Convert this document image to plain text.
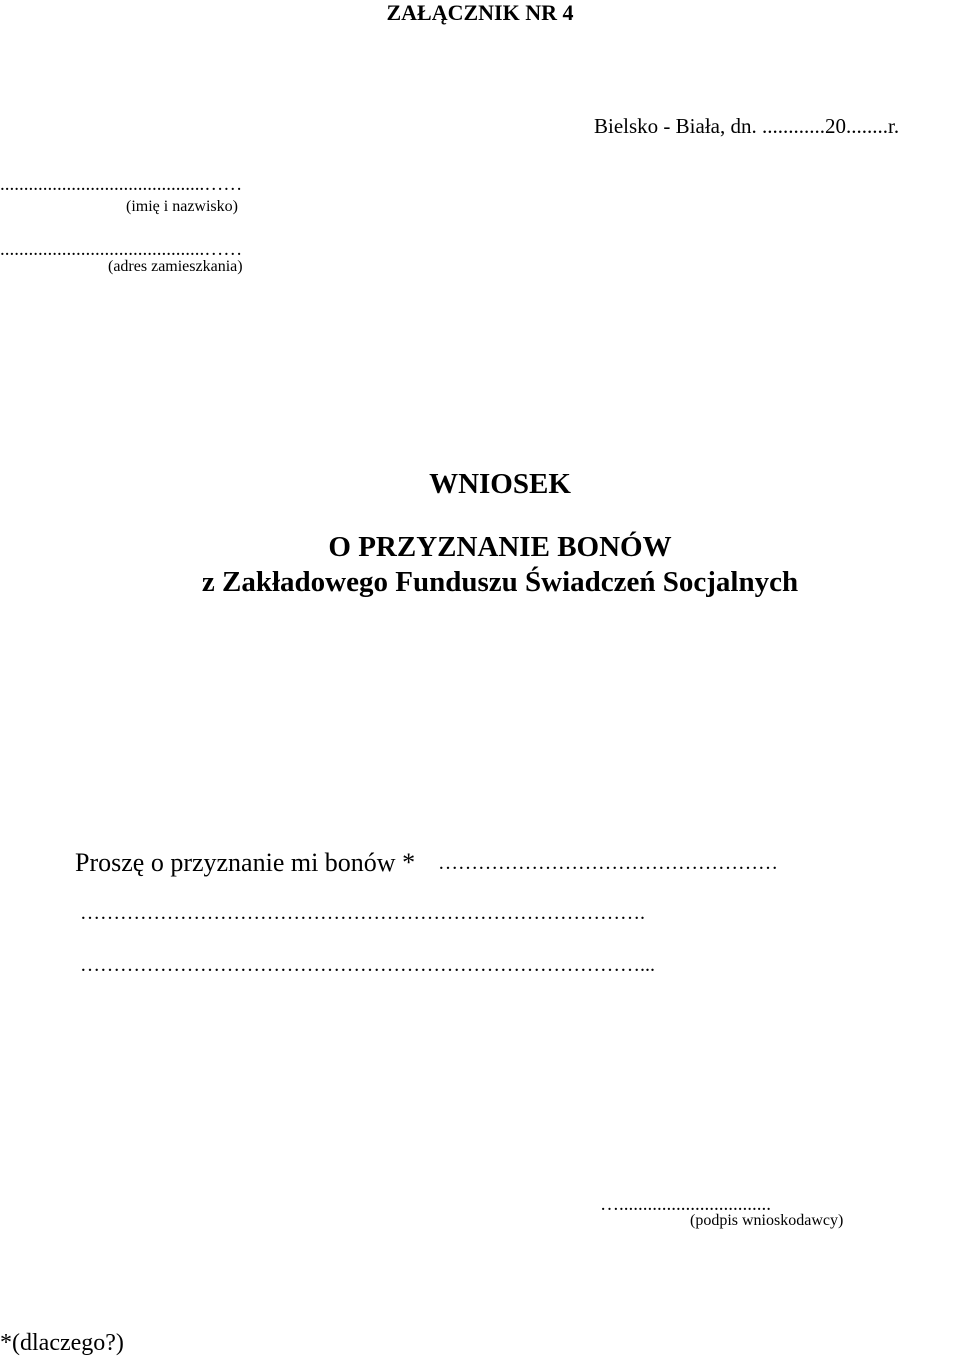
ZAŁĄCZNIK NR 4
Bielsko - Biała, dn. ............20........r.
...........................................……
(imię i nazwisko)
...........................................……
(adres zamieszkania)
WNIOSEK
O PRZYZNANIE BONÓW
z Zakładowego Funduszu Świadczeń Socjalnych
Proszę o przyznanie mi bonów * ……………………………………………
………………………………………………………………………….
…………………………………………………………………………...
…................................
(podpis wnioskodawcy)
*(dlaczego?)
